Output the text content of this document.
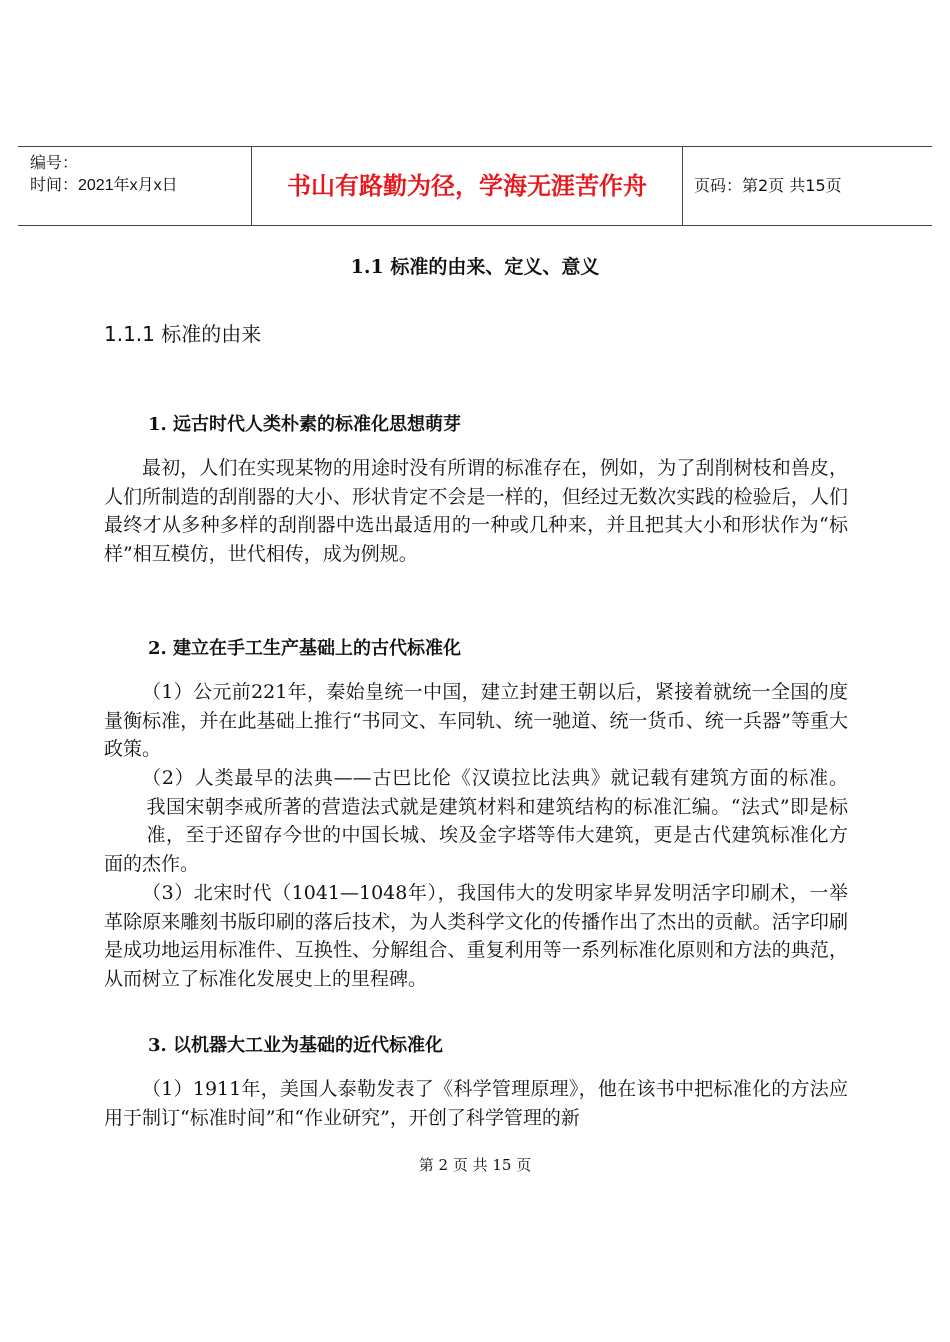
编号：
时间：2021年x月x日	书山有路勤为径，学海无涯苦作舟	页码：第2页 共15页
1.1 标准的由来、定义、意义
1.1.1 标准的由来
1. 远古时代人类朴素的标准化思想萌芽

最初，人们在实现某物的用途时没有所谓的标准存在，例如，为了刮削树枝和兽皮，人们所制造的刮削器的大小、形状肯定不会是一样的，但经过无数次实践的检验后，人们最终才从多种多样的刮削器中选出最适用的一种或几种来，并且把其大小和形状作为“标样”相互模仿，世代相传，成为例规。

2. 建立在手工生产基础上的古代标准化

（1）公元前221年，秦始皇统一中国，建立封建王朝以后，紧接着就统一全国的度量衡标准，并在此基础上推行“书同文、车同轨、统一驰道、统一货币、统一兵器”等重大政策。

（2）人类最早的法典——古巴比伦《汉谟拉比法典》就记载有建筑方面的标准。我国宋朝李戒所著的营造法式就是建筑材料和建筑结构的标准汇编。“法式”即是标准，至于还留存今世的中国长城、埃及金字塔等伟大建筑，更是古代建筑标准化方面的杰作。

（3）北宋时代（1041—1048年），我国伟大的发明家毕昇发明活字印刷术，一举革除原来雕刻书版印刷的落后技术，为人类科学文化的传播作出了杰出的贡献。活字印刷是成功地运用标准件、互换性、分解组合、重复利用等一系列标准化原则和方法的典范，从而树立了标准化发展史上的里程碑。

3. 以机器大工业为基础的近代标准化

（1）1911年，美国人泰勒发表了《科学管理原理》，他在该书中把标准化的方法应用于制订“标准时间”和“作业研究”，开创了科学管理的新

第 2 页 共 15 页
